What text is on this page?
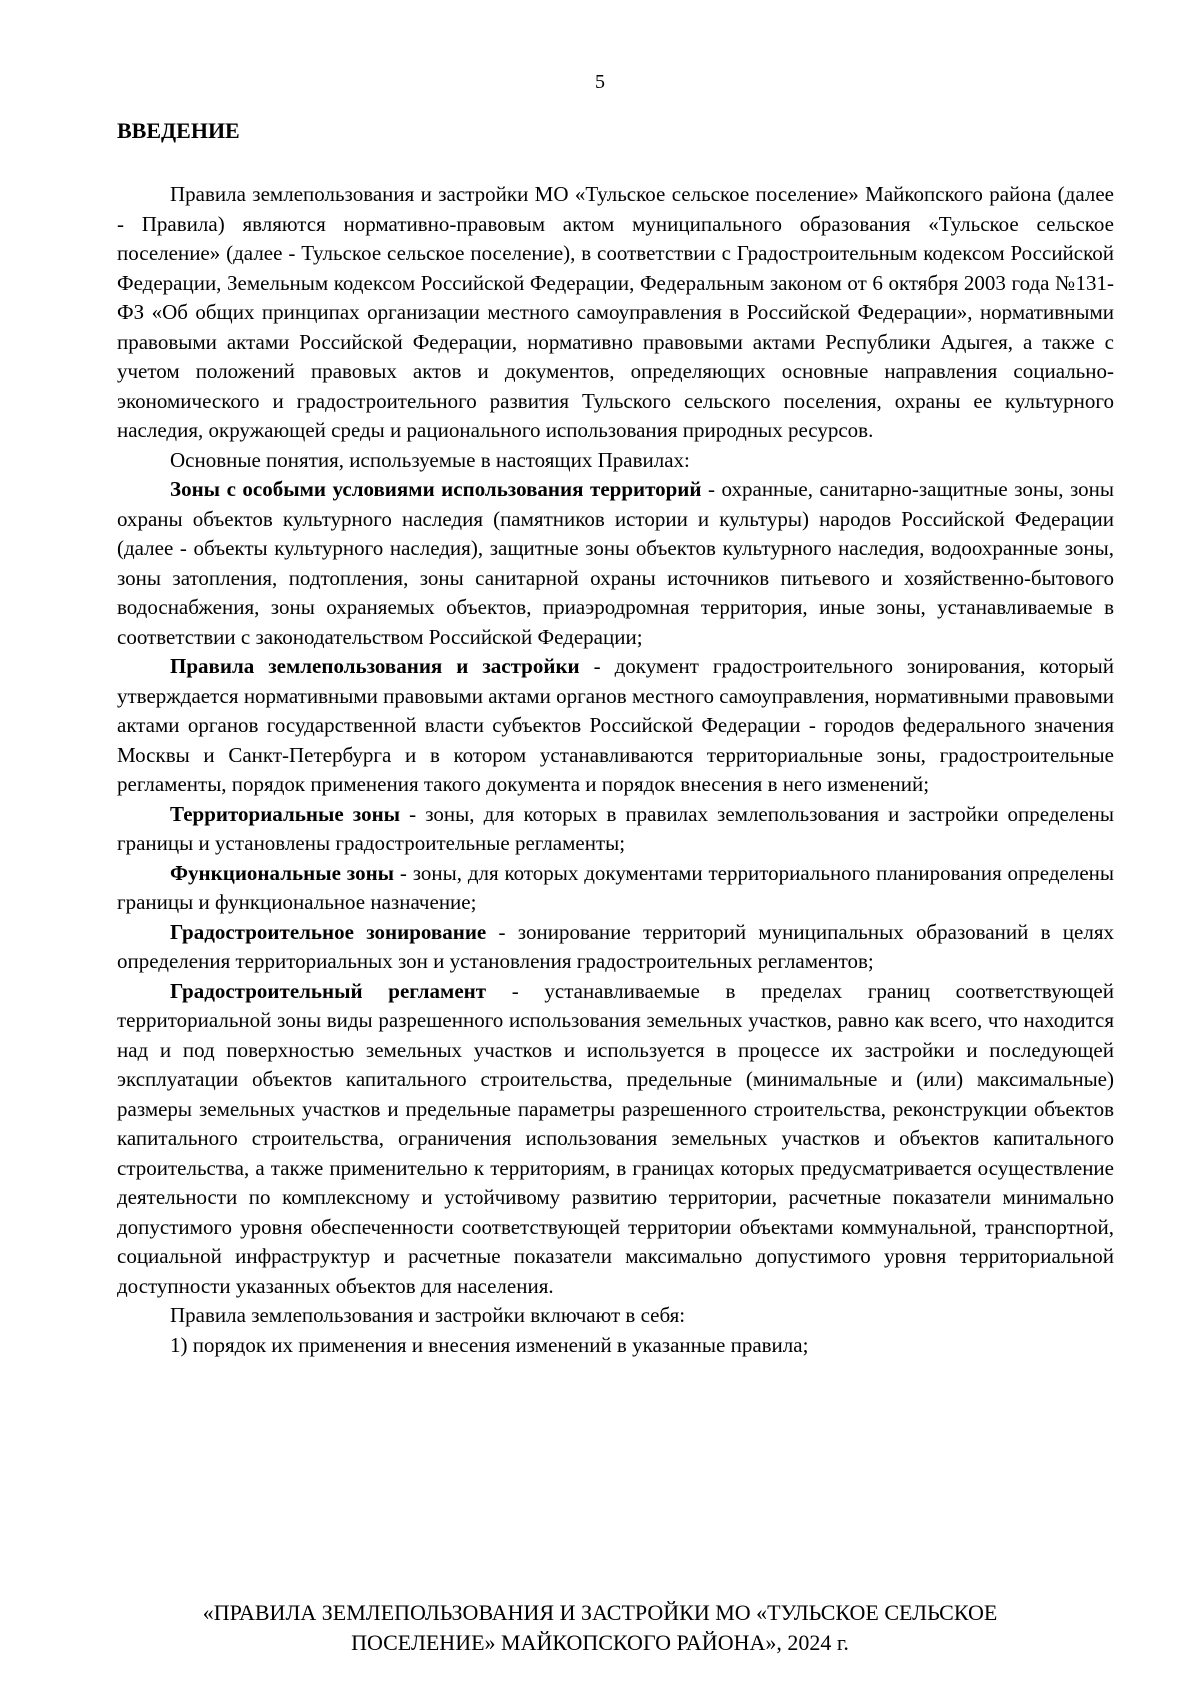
5
ВВЕДЕНИЕ

Правила землепользования и застройки МО «Тульское сельское поселение» Майкопского района (далее - Правила) являются нормативно-правовым актом муниципального образования «Тульское сельское поселение» (далее - Тульское сельское поселение), в соответствии с Градостроительным кодексом Российской Федерации, Земельным кодексом Российской Федерации, Федеральным законом от 6 октября 2003 года №131-ФЗ «Об общих принципах организации местного самоуправления в Российской Федерации», нормативными правовыми актами Российской Федерации, нормативно правовыми актами Республики Адыгея, а также с учетом положений правовых актов и документов, определяющих основные направления социально-экономического и градостроительного развития Тульского сельского поселения, охраны ее культурного наследия, окружающей среды и рационального использования природных ресурсов.

Основные понятия, используемые в настоящих Правилах:

Зоны с особыми условиями использования территорий - охранные, санитарно-защитные зоны, зоны охраны объектов культурного наследия (памятников истории и культуры) народов Российской Федерации (далее - объекты культурного наследия), защитные зоны объектов культурного наследия, водоохранные зоны, зоны затопления, подтопления, зоны санитарной охраны источников питьевого и хозяйственно-бытового водоснабжения, зоны охраняемых объектов, приаэродромная территория, иные зоны, устанавливаемые в соответствии с законодательством Российской Федерации;

Правила землепользования и застройки - документ градостроительного зонирования, который утверждается нормативными правовыми актами органов местного самоуправления, нормативными правовыми актами органов государственной власти субъектов Российской Федерации - городов федерального значения Москвы и Санкт-Петербурга и в котором устанавливаются территориальные зоны, градостроительные регламенты, порядок применения такого документа и порядок внесения в него изменений;

Территориальные зоны - зоны, для которых в правилах землепользования и застройки определены границы и установлены градостроительные регламенты;

Функциональные зоны - зоны, для которых документами территориального планирования определены границы и функциональное назначение;

Градостроительное зонирование - зонирование территорий муниципальных образований в целях определения территориальных зон и установления градостроительных регламентов;

Градостроительный регламент - устанавливаемые в пределах границ соответствующей территориальной зоны виды разрешенного использования земельных участков, равно как всего, что находится над и под поверхностью земельных участков и используется в процессе их застройки и последующей эксплуатации объектов капитального строительства, предельные (минимальные и (или) максимальные) размеры земельных участков и предельные параметры разрешенного строительства, реконструкции объектов капитального строительства, ограничения использования земельных участков и объектов капитального строительства, а также применительно к территориям, в границах которых предусматривается осуществление деятельности по комплексному и устойчивому развитию территории, расчетные показатели минимально допустимого уровня обеспеченности соответствующей территории объектами коммунальной, транспортной, социальной инфраструктур и расчетные показатели максимально допустимого уровня территориальной доступности указанных объектов для населения.

Правила землепользования и застройки включают в себя:

1) порядок их применения и внесения изменений в указанные правила;

«ПРАВИЛА ЗЕМЛЕПОЛЬЗОВАНИЯ И ЗАСТРОЙКИ МО «ТУЛЬСКОЕ СЕЛЬСКОЕ
ПОСЕЛЕНИЕ» МАЙКОПСКОГО РАЙОНА», 2024 г.
